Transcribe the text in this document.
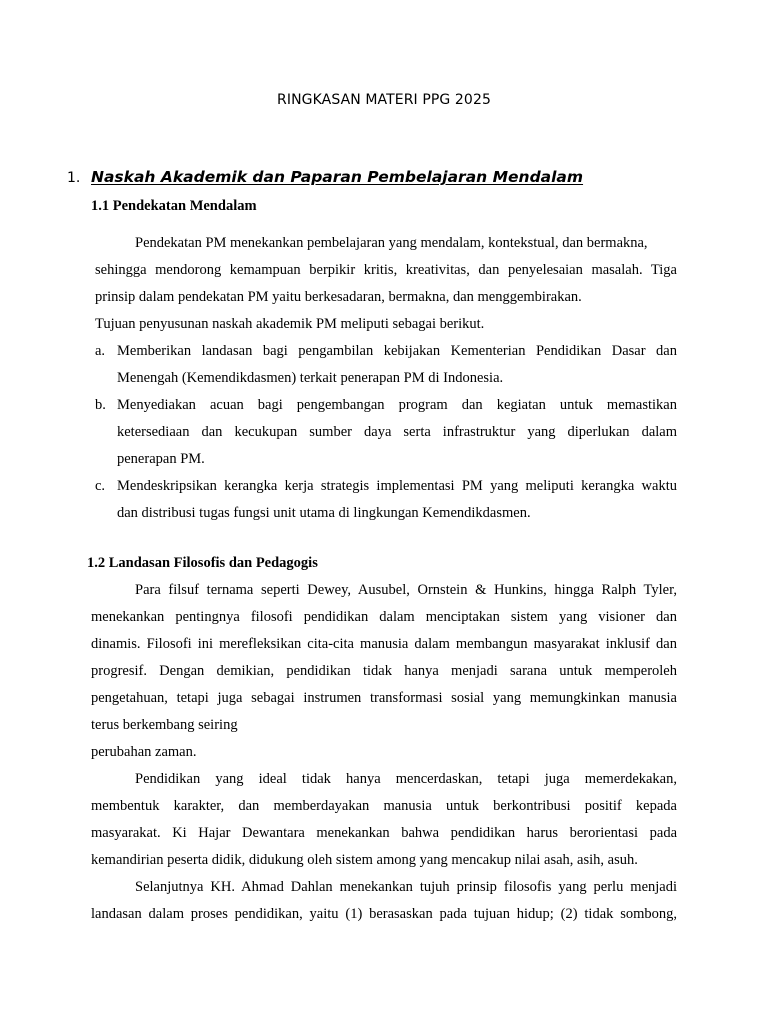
RINGKASAN MATERI PPG 2025
1. Naskah Akademik dan Paparan Pembelajaran Mendalam
1.1 Pendekatan Mendalam
Pendekatan PM menekankan pembelajaran yang mendalam, kontekstual, dan bermakna,
sehingga mendorong kemampuan berpikir kritis, kreativitas, dan penyelesaian masalah. Tiga
prinsip dalam pendekatan PM yaitu berkesadaran, bermakna, dan menggembirakan.
Tujuan penyusunan naskah akademik PM meliputi sebagai berikut.
a. Memberikan landasan bagi pengambilan kebijakan Kementerian Pendidikan Dasar dan
Menengah (Kemendikdasmen) terkait penerapan PM di Indonesia.
b. Menyediakan acuan bagi pengembangan program dan kegiatan untuk memastikan
ketersediaan dan kecukupan sumber daya serta infrastruktur yang diperlukan dalam
penerapan PM.
c. Mendeskripsikan kerangka kerja strategis implementasi PM yang meliputi kerangka waktu
dan distribusi tugas fungsi unit utama di lingkungan Kemendikdasmen.
1.2 Landasan Filosofis dan Pedagogis
Para filsuf ternama seperti Dewey, Ausubel, Ornstein & Hunkins, hingga Ralph Tyler,
menekankan pentingnya filosofi pendidikan dalam menciptakan sistem yang visioner dan
dinamis. Filosofi ini merefleksikan cita-cita manusia dalam membangun masyarakat inklusif dan
progresif. Dengan demikian, pendidikan tidak hanya menjadi sarana untuk memperoleh
pengetahuan, tetapi juga sebagai instrumen transformasi sosial yang memungkinkan manusia
terus berkembang seiring
perubahan zaman.
Pendidikan yang ideal tidak hanya mencerdaskan, tetapi juga memerdekakan,
membentuk karakter, dan memberdayakan manusia untuk berkontribusi positif kepada
masyarakat. Ki Hajar Dewantara menekankan bahwa pendidikan harus berorientasi pada
kemandirian peserta didik, didukung oleh sistem among yang mencakup nilai asah, asih, asuh.
Selanjutnya KH. Ahmad Dahlan menekankan tujuh prinsip filosofis yang perlu menjadi
landasan dalam proses pendidikan, yaitu (1) berasaskan pada tujuan hidup; (2) tidak sombong,
